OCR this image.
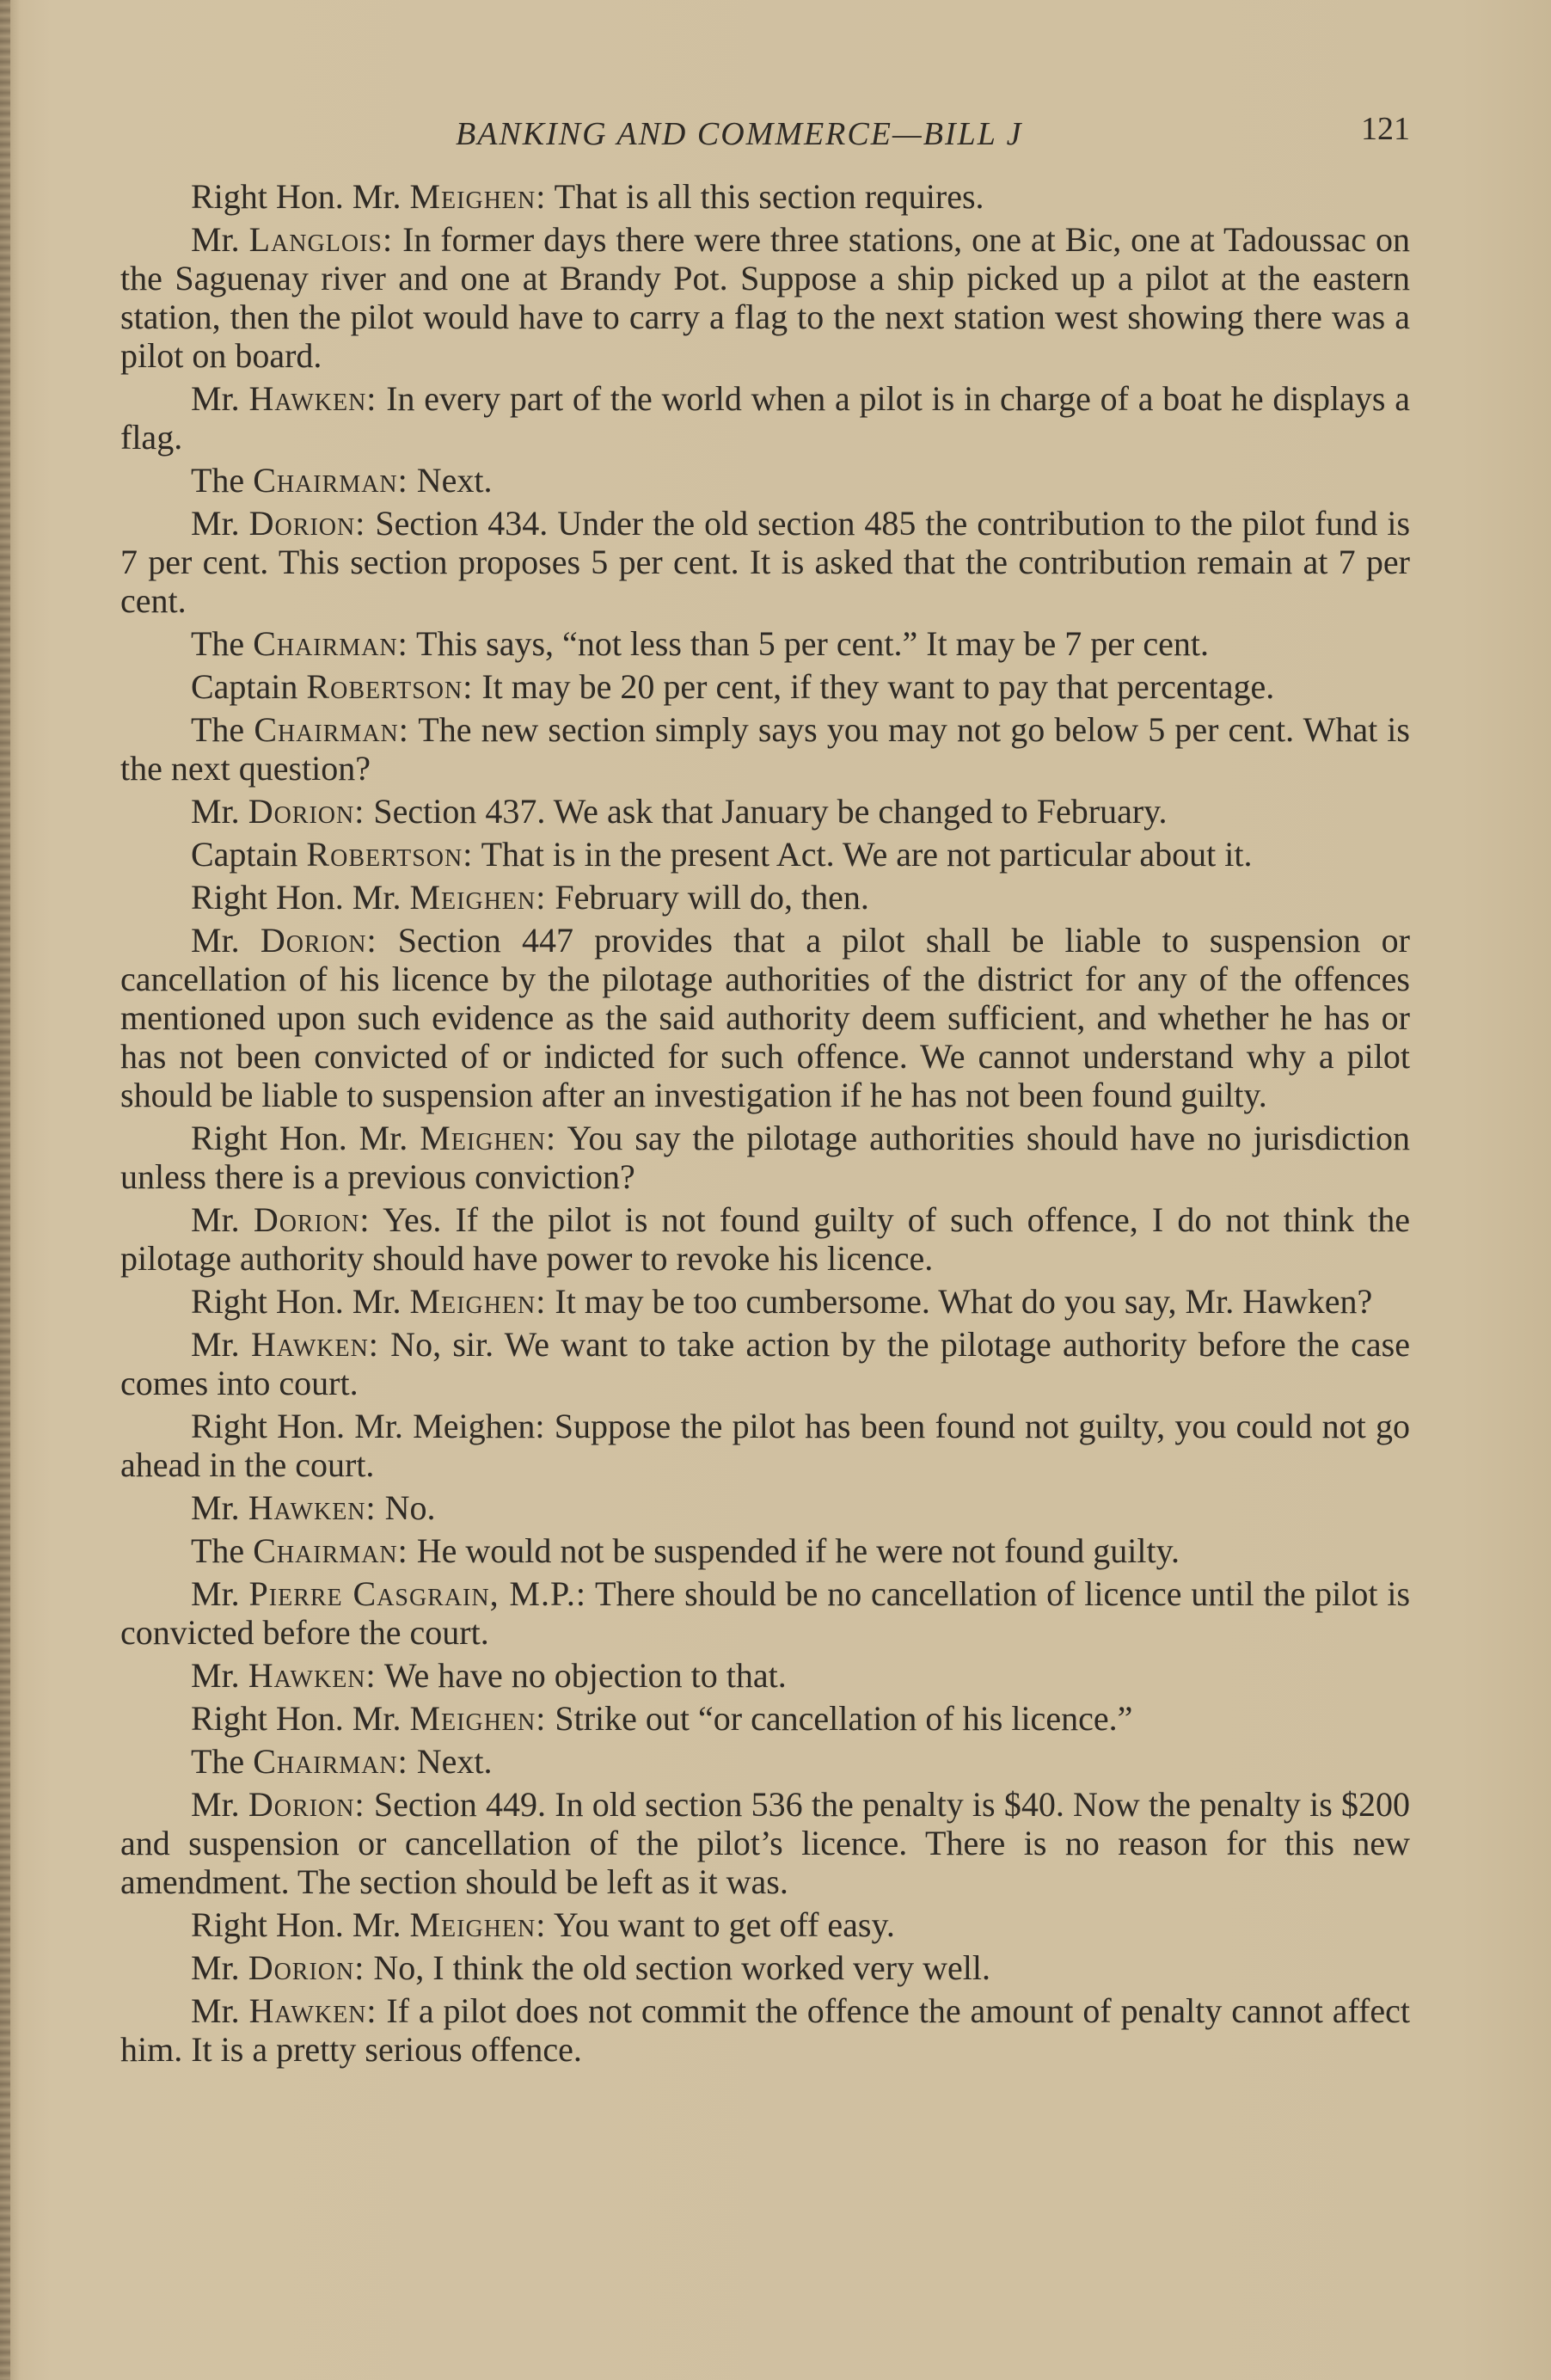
BANKING AND COMMERCE—BILL J	121

Right Hon. Mr. Meighen: That is all this section requires.

Mr. Langlois: In former days there were three stations, one at Bic, one at Tadoussac on the Saguenay river and one at Brandy Pot. Suppose a ship picked up a pilot at the eastern station, then the pilot would have to carry a flag to the next station west showing there was a pilot on board.

Mr. Hawken: In every part of the world when a pilot is in charge of a boat he displays a flag.

The Chairman: Next.

Mr. Dorion: Section 434. Under the old section 485 the contribution to the pilot fund is 7 per cent. This section proposes 5 per cent. It is asked that the contribution remain at 7 per cent.

The Chairman: This says, “not less than 5 per cent.” It may be 7 per cent.

Captain Robertson: It may be 20 per cent, if they want to pay that percentage.

The Chairman: The new section simply says you may not go below 5 per cent. What is the next question?

Mr. Dorion: Section 437. We ask that January be changed to February.

Captain Robertson: That is in the present Act. We are not particular about it.

Right Hon. Mr. Meighen: February will do, then.

Mr. Dorion: Section 447 provides that a pilot shall be liable to suspension or cancellation of his licence by the pilotage authorities of the district for any of the offences mentioned upon such evidence as the said authority deem sufficient, and whether he has or has not been convicted of or indicted for such offence. We cannot understand why a pilot should be liable to suspension after an investigation if he has not been found guilty.

Right Hon. Mr. Meighen: You say the pilotage authorities should have no jurisdiction unless there is a previous conviction?

Mr. Dorion: Yes. If the pilot is not found guilty of such offence, I do not think the pilotage authority should have power to revoke his licence.

Right Hon. Mr. Meighen: It may be too cumbersome. What do you say, Mr. Hawken?

Mr. Hawken: No, sir. We want to take action by the pilotage authority before the case comes into court.

Right Hon. Mr. Meighen: Suppose the pilot has been found not guilty, you could not go ahead in the court.

Mr. Hawken: No.

The Chairman: He would not be suspended if he were not found guilty.

Mr. Pierre Casgrain, M.P.: There should be no cancellation of licence until the pilot is convicted before the court.

Mr. Hawken: We have no objection to that.

Right Hon. Mr. Meighen: Strike out “or cancellation of his licence.”

The Chairman: Next.

Mr. Dorion: Section 449. In old section 536 the penalty is $40. Now the penalty is $200 and suspension or cancellation of the pilot’s licence. There is no reason for this new amendment. The section should be left as it was.

Right Hon. Mr. Meighen: You want to get off easy.

Mr. Dorion: No, I think the old section worked very well.

Mr. Hawken: If a pilot does not commit the offence the amount of penalty cannot affect him. It is a pretty serious offence.
